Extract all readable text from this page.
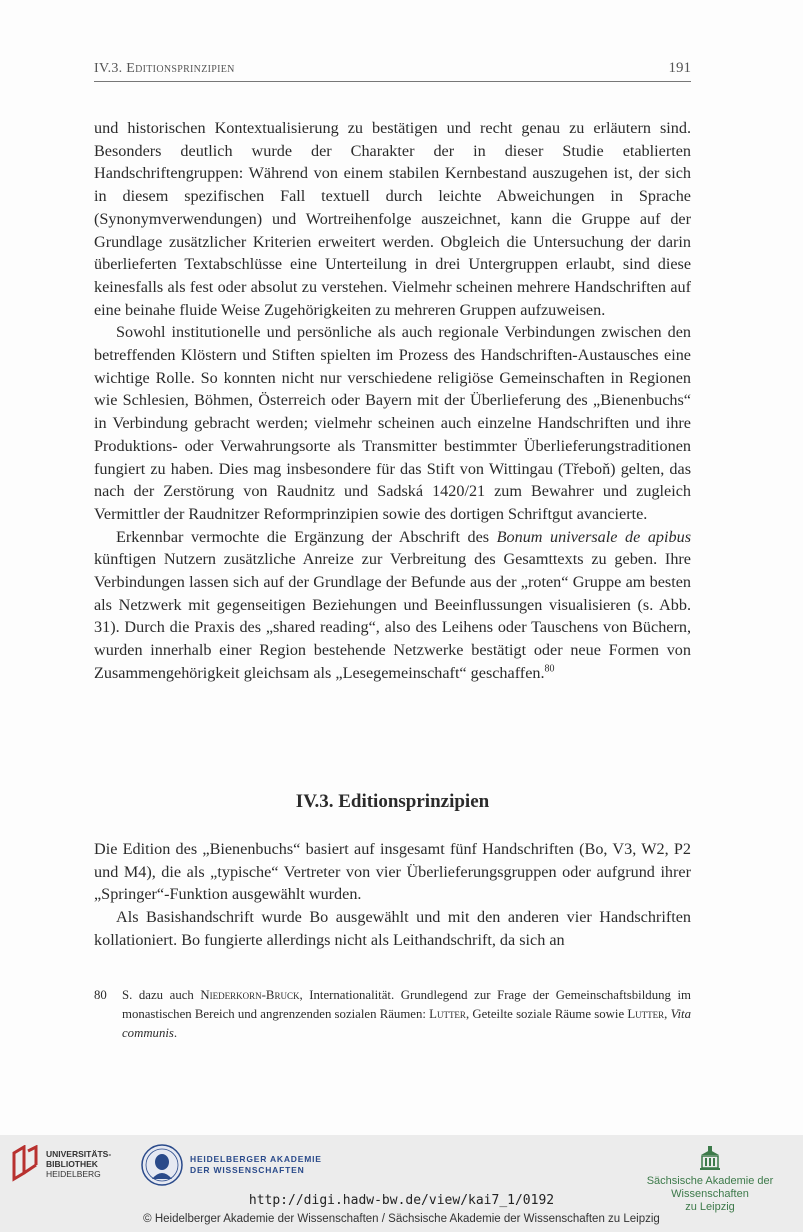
IV.3. Editionsprinzipien	191

und historischen Kontextualisierung zu bestätigen und recht genau zu erläutern sind. Besonders deutlich wurde der Charakter der in dieser Studie etablierten Handschriftengruppen: Während von einem stabilen Kernbestand auszugehen ist, der sich in diesem spezifischen Fall textuell durch leichte Abweichungen in Sprache (Synonymverwendungen) und Wortreihenfolge auszeichnet, kann die Gruppe auf der Grundlage zusätzlicher Kriterien erweitert werden. Obgleich die Untersuchung der darin überlieferten Textabschlüsse eine Unterteilung in drei Untergruppen erlaubt, sind diese keinesfalls als fest oder absolut zu verstehen. Vielmehr scheinen mehrere Handschriften auf eine beinahe fluide Weise Zugehörigkeiten zu mehreren Gruppen aufzuweisen.

Sowohl institutionelle und persönliche als auch regionale Verbindungen zwischen den betreffenden Klöstern und Stiften spielten im Prozess des Handschriften-Austausches eine wichtige Rolle. So konnten nicht nur verschiedene religiöse Gemeinschaften in Regionen wie Schlesien, Böhmen, Österreich oder Bayern mit der Überlieferung des „Bienenbuchs“ in Verbindung gebracht werden; vielmehr scheinen auch einzelne Handschriften und ihre Produktions- oder Verwahrungsorte als Transmitter bestimmter Überlieferungstraditionen fungiert zu haben. Dies mag insbesondere für das Stift von Wittingau (Třeboň) gelten, das nach der Zerstörung von Raudnitz und Sadská 1420/21 zum Bewahrer und zugleich Vermittler der Raudnitzer Reformprinzipien sowie des dortigen Schriftgut avancierte.

Erkennbar vermochte die Ergänzung der Abschrift des Bonum universale de apibus künftigen Nutzern zusätzliche Anreize zur Verbreitung des Gesamttexts zu geben. Ihre Verbindungen lassen sich auf der Grundlage der Befunde aus der „roten“ Gruppe am besten als Netzwerk mit gegenseitigen Beziehungen und Beeinflussungen visualisieren (s. Abb. 31). Durch die Praxis des „shared reading“, also des Leihens oder Tauschens von Büchern, wurden innerhalb einer Region bestehende Netzwerke bestätigt oder neue Formen von Zusammengehörigkeit gleichsam als „Lesegemeinschaft“ geschaffen.$^{80}$

IV.3. Editionsprinzipien

Die Edition des „Bienenbuchs“ basiert auf insgesamt fünf Handschriften (Bo, V3, W2, P2 und M4), die als „typische“ Vertreter von vier Überlieferungsgruppen oder aufgrund ihrer „Springer“-Funktion ausgewählt wurden.

Als Basishandschrift wurde Bo ausgewählt und mit den anderen vier Handschriften kollationiert. Bo fungierte allerdings nicht als Leithandschrift, da sich an

80	S. dazu auch Niederkorn-Bruck, Internationalität. Grundlegend zur Frage der Gemeinschaftsbildung im monastischen Bereich und angrenzenden sozialen Räumen: Lutter, Geteilte soziale Räume sowie Lutter, Vita communis.
UNIVERSITÄTS-
BIBLIOTHEK
HEIDELBERG
HEIDELBERGER AKADEMIE
DER WISSENSCHAFTEN
Sächsische Akademie der Wissenschaften
zu Leipzig
http://digi.hadw-bw.de/view/kai7_1/0192
© Heidelberger Akademie der Wissenschaften / Sächsische Akademie der Wissenschaften zu Leipzig
